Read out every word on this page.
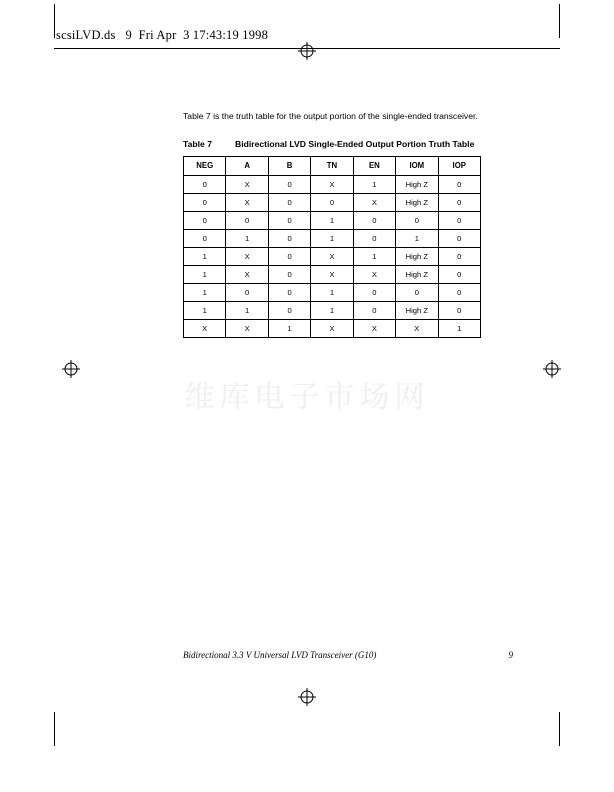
scsiLVD.ds   9  Fri Apr  3 17:43:19 1998

Table 7 is the truth table for the output portion of the single-ended transceiver.

Table 7	Bidirectional LVD Single-Ended Output Portion Truth Table
NEG	A	B	TN	EN	IOM	IOP
0	X	0	X	1	High Z	0
0	X	0	0	X	High Z	0
0	0	0	1	0	0	0
0	1	0	1	0	1	0
1	X	0	X	1	High Z	0
1	X	0	X	X	High Z	0
1	0	0	1	0	0	0
1	1	0	1	0	High Z	0
X	X	1	X	X	X	1
维库电子市场网
Bidirectional 3.3 V Universal LVD Transceiver (G10)	9
